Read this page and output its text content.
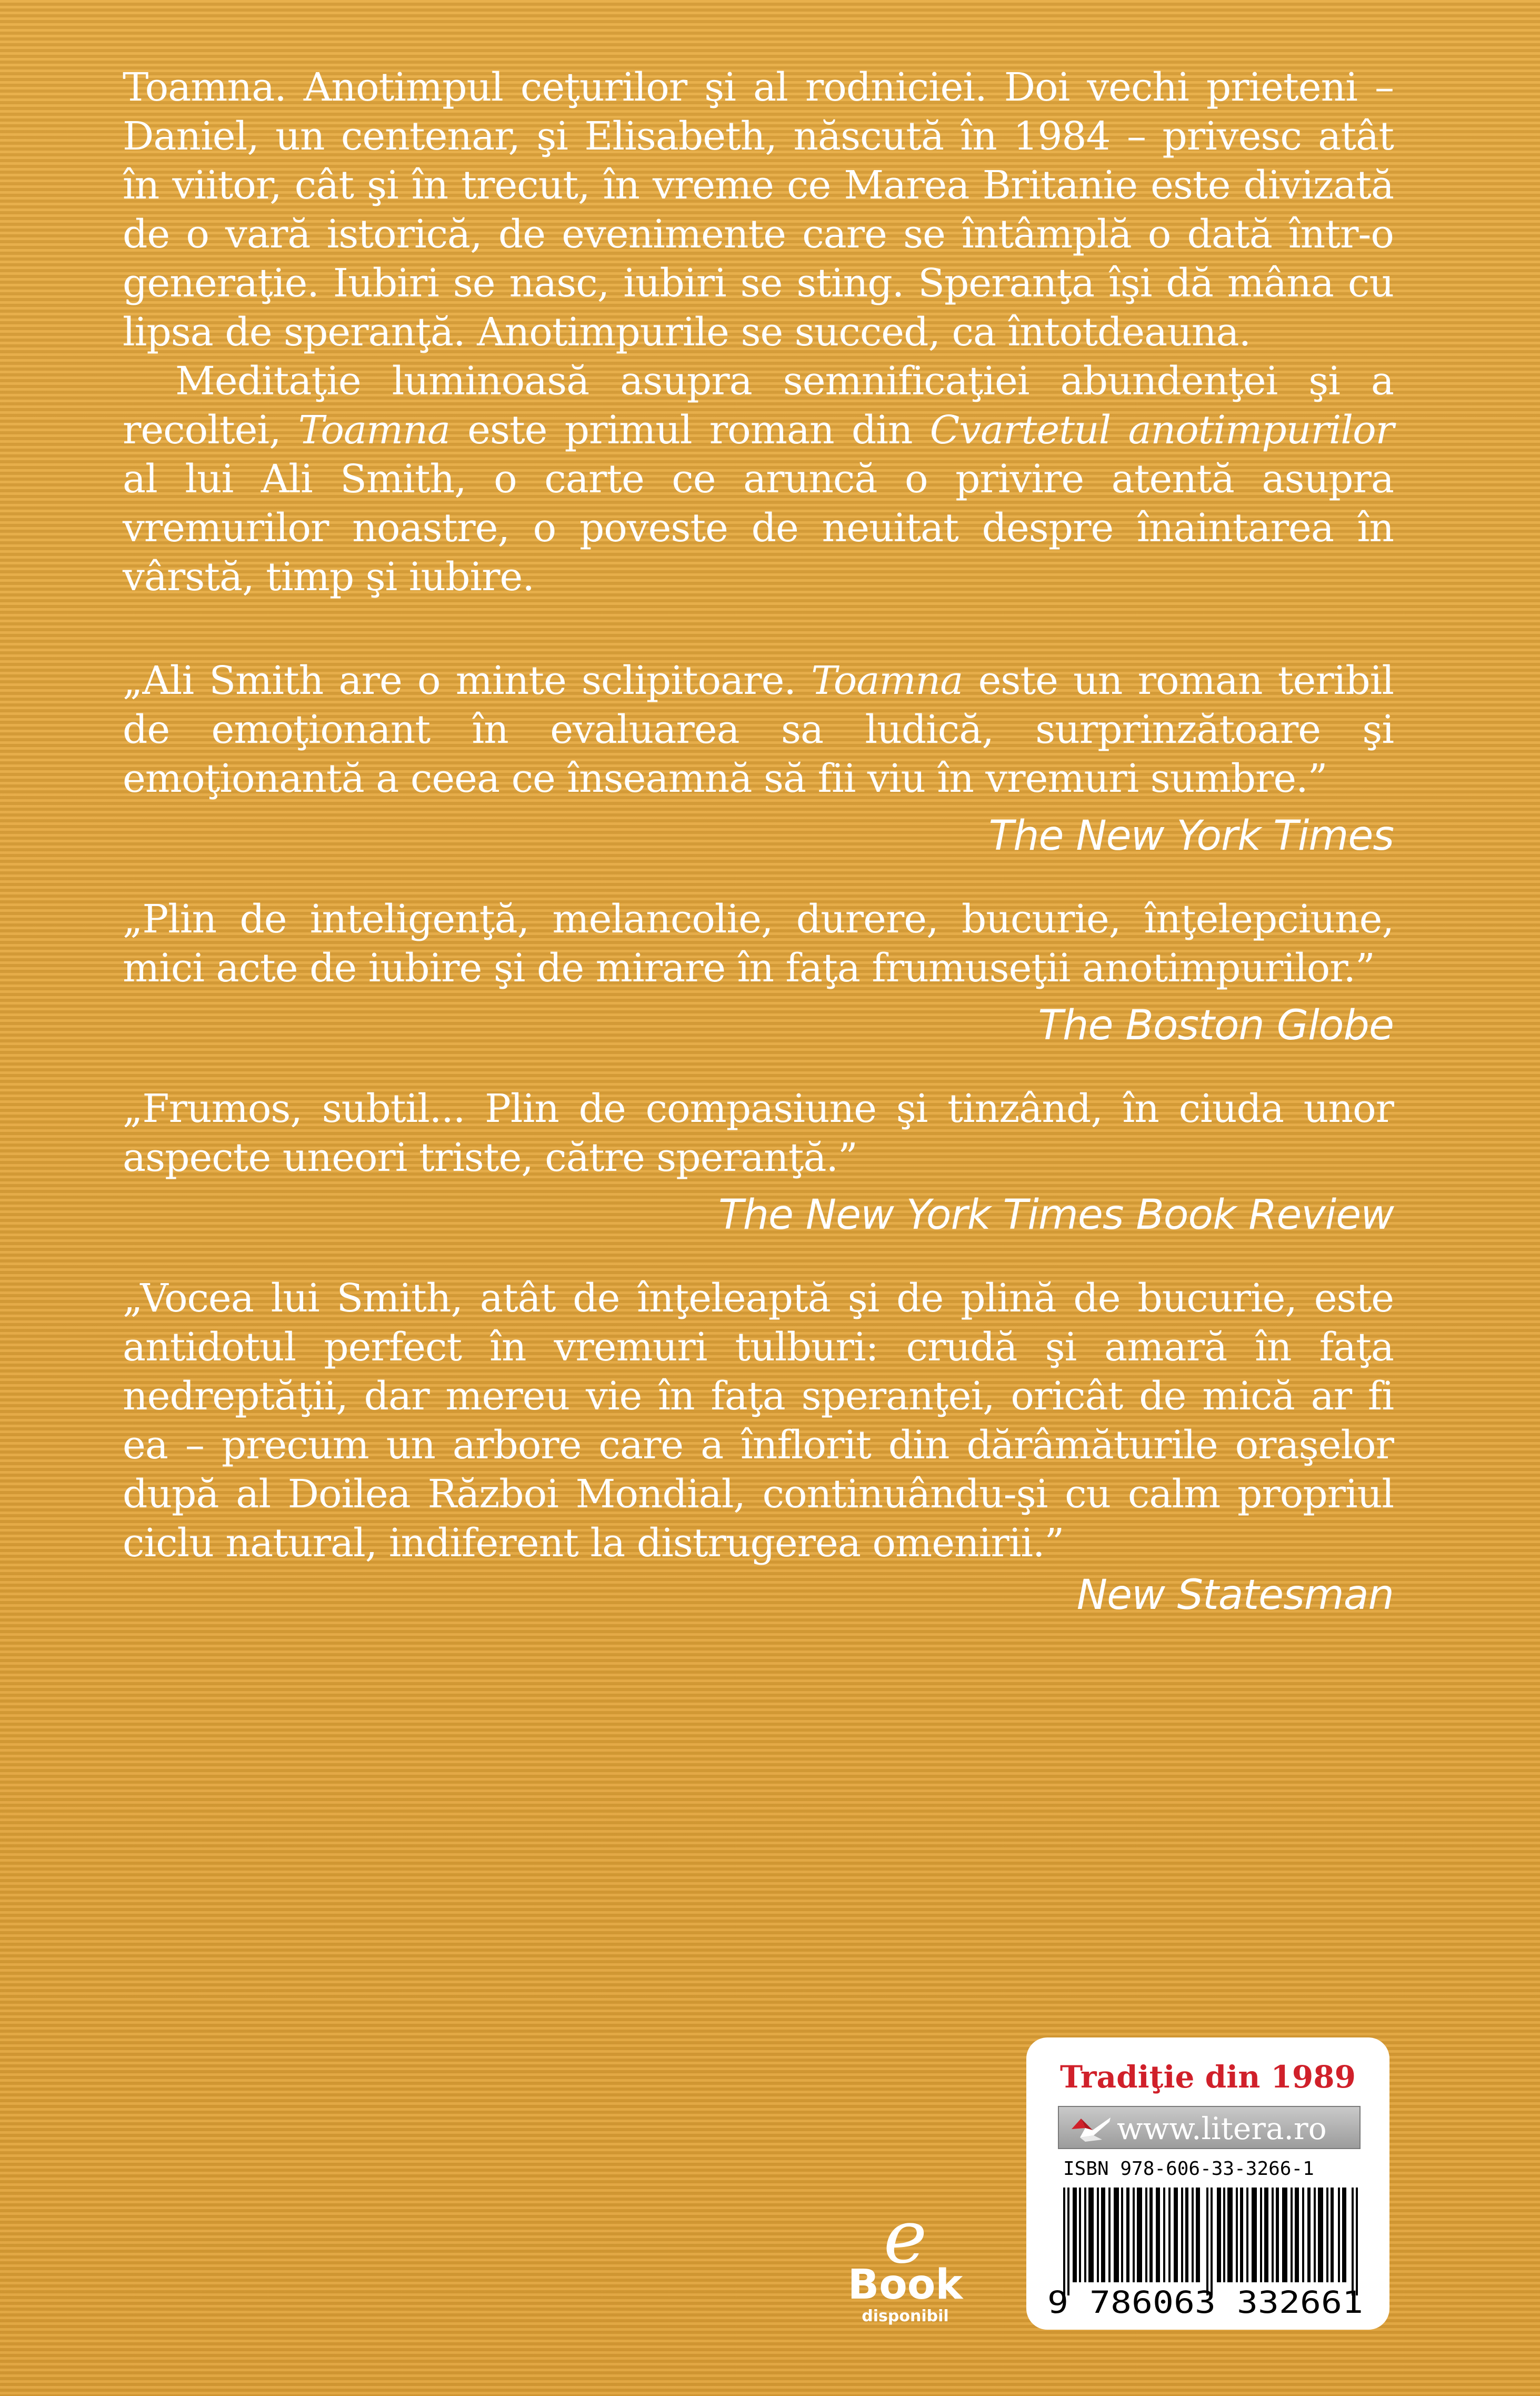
Toamna. Anotimpul ceţurilor şi al rodniciei. Doi vechi prieteni – Daniel, un centenar, şi Elisabeth, născută în 1984 – privesc atât în viitor, cât şi în trecut, în vreme ce Marea Britanie este divizată de o vară istorică, de evenimente care se întâmplă o dată într-o generaţie. Iubiri se nasc, iubiri se sting. Speranţa îşi dă mâna cu lipsa de speranţă. Anotimpurile se succed, ca întotdeauna.

Meditaţie luminoasă asupra semnificaţiei abundenţei şi a recoltei, Toamna este primul roman din Cvartetul anotimpurilor al lui Ali Smith, o carte ce aruncă o privire atentă asupra vremurilor noastre, o poveste de neuitat despre înaintarea în vârstă, timp şi iubire.

„Ali Smith are o minte sclipitoare. Toamna este un roman teribil de emoţionant în evaluarea sa ludică, surprinzătoare şi emoţionantă a ceea ce înseamnă să fii viu în vremuri sumbre.”

The New York Times

„Plin de inteligenţă, melancolie, durere, bucurie, înţelepciune, mici acte de iubire şi de mirare în faţa frumuseţii anotimpurilor.”

The Boston Globe

„Frumos, subtil... Plin de compasiune şi tinzând, în ciuda unor aspecte uneori triste, către speranţă.”

The New York Times Book Review

„Vocea lui Smith, atât de înţeleaptă şi de plină de bucurie, este antidotul perfect în vremuri tulburi: crudă şi amară în faţa nedreptăţii, dar mereu vie în faţa speranţei, oricât de mică ar fi ea – precum un arbore care a înflorit din dărâmăturile oraşelor după al Doilea Război Mondial, continuându-şi cu calm propriul ciclu natural, indiferent la distrugerea omenirii.”

New Statesman

e
Book
disponibil
Tradiţie din 1989
www.litera.ro
ISBN 978-606-33-3266-1
9 786063 332661
